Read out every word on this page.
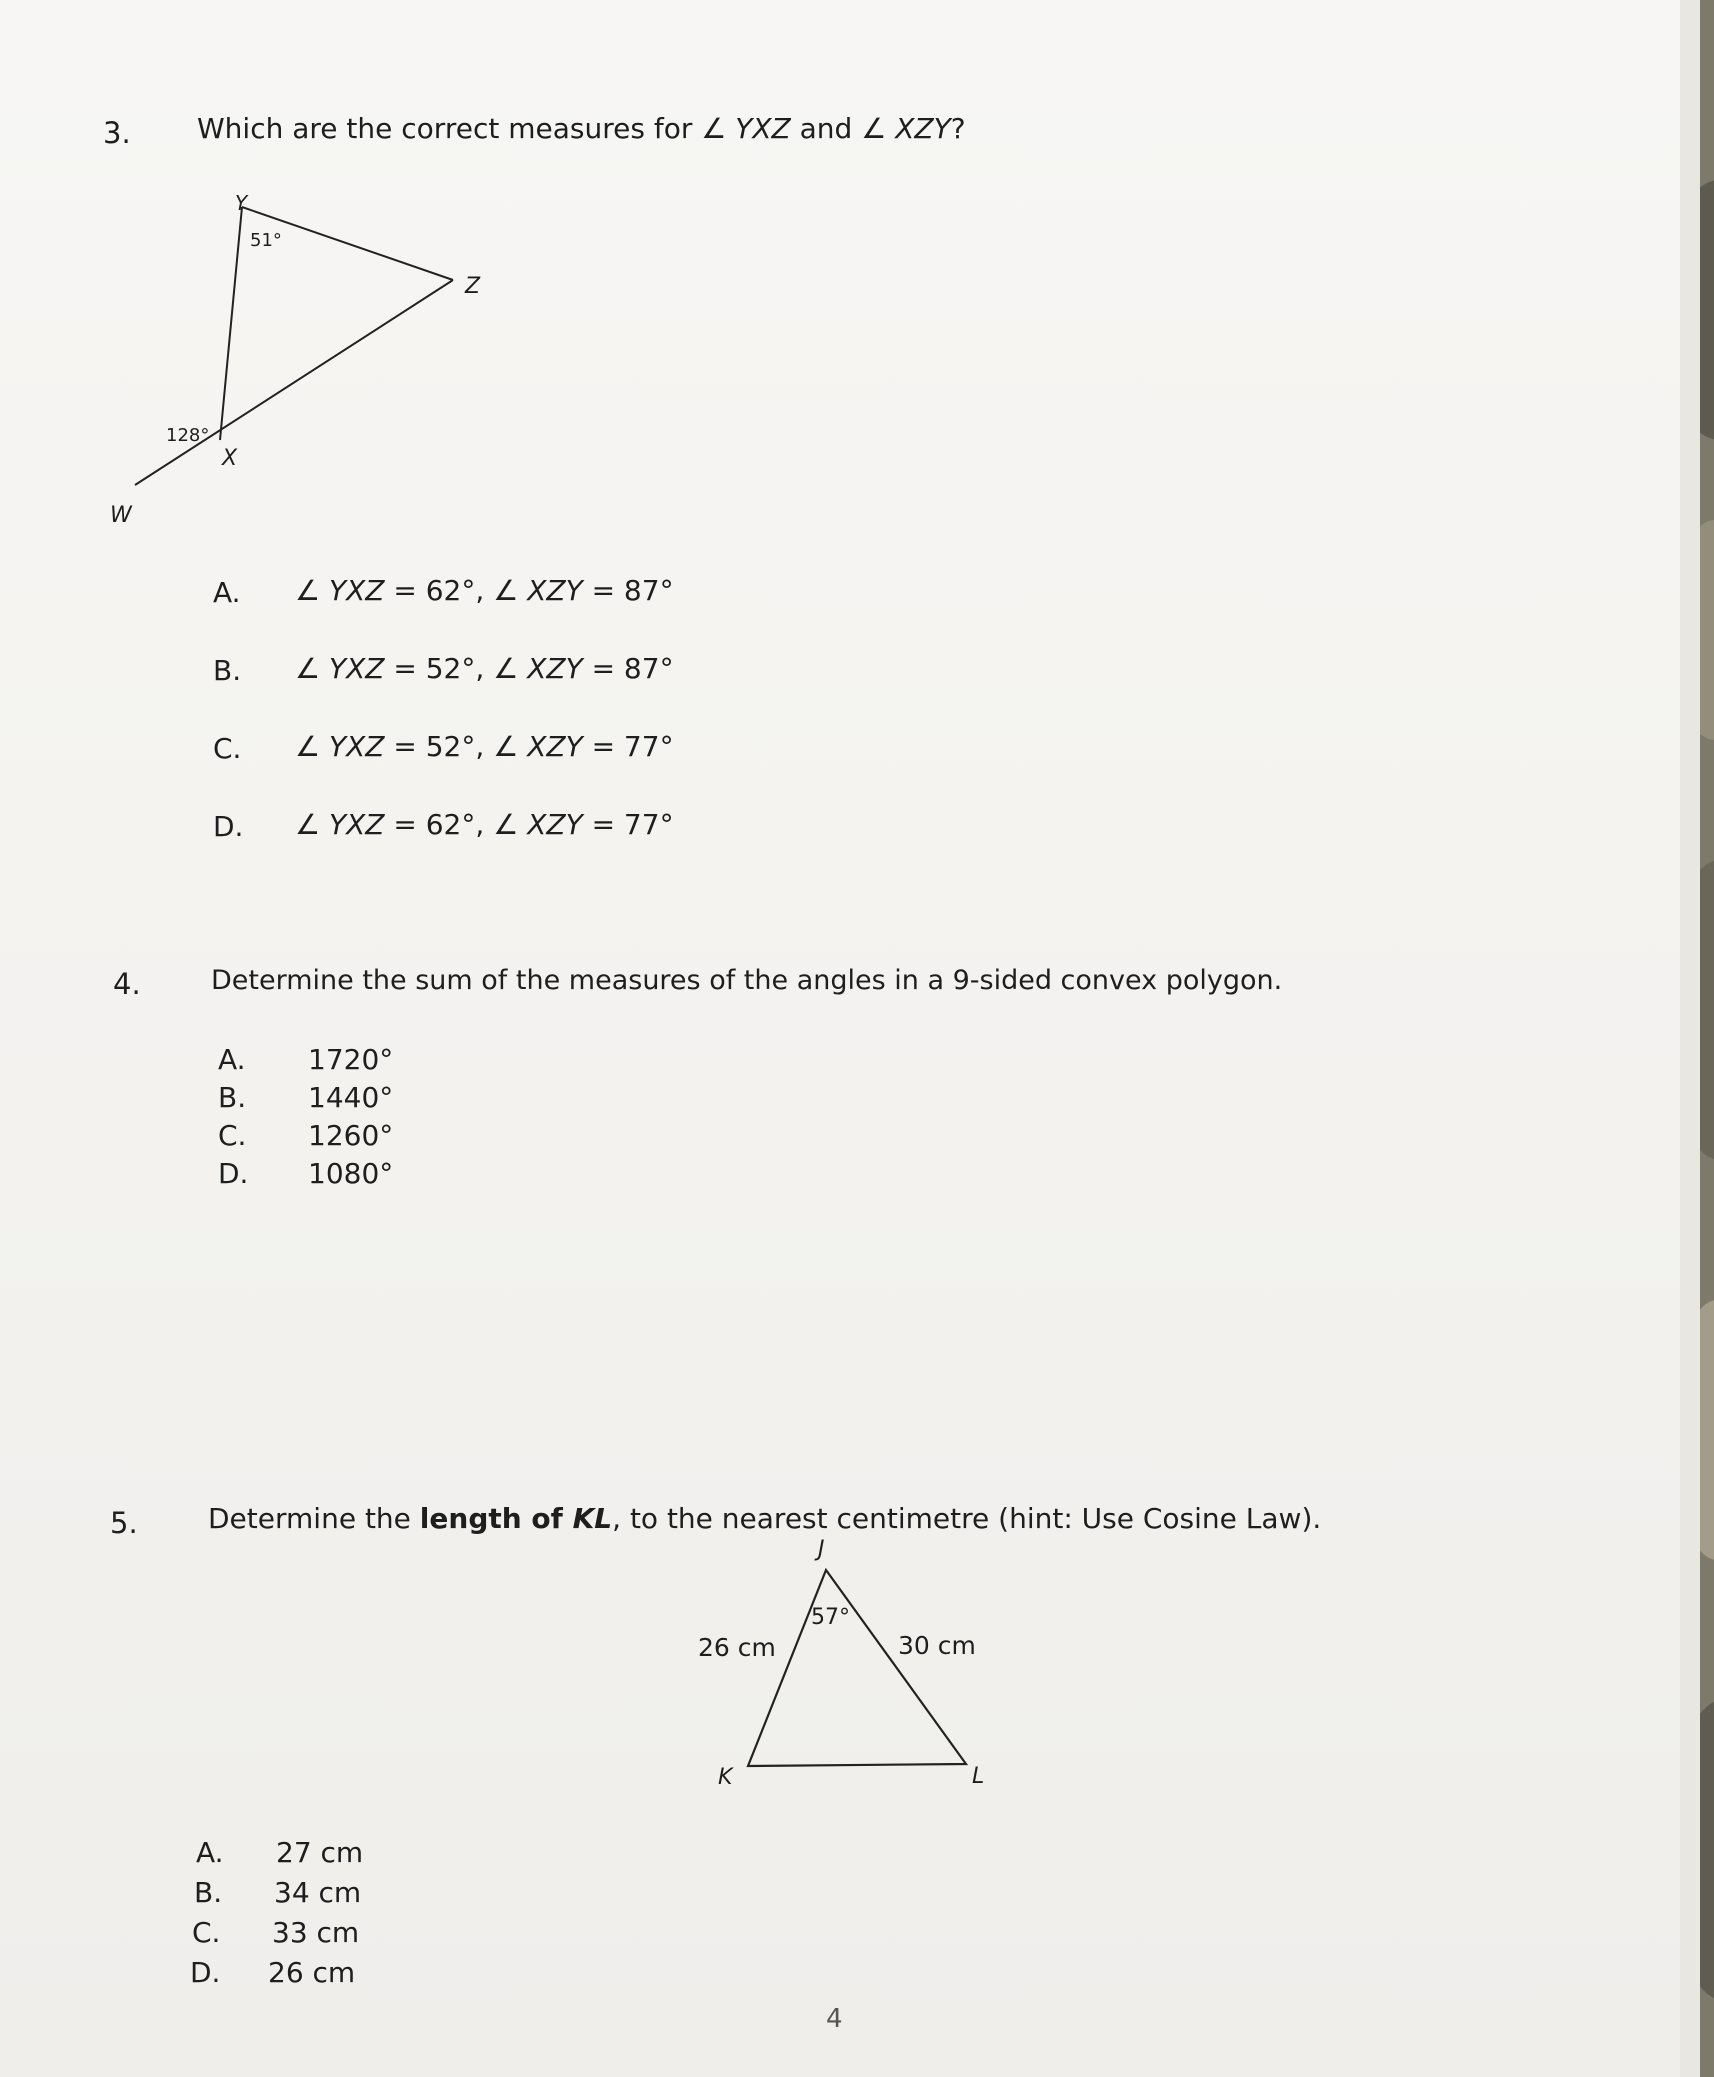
3. Which are the correct measures for ∠ YXZ and ∠ XZY?
Y
Z
X
W
51°
128°
A. ∠ YXZ = 62°, ∠ XZY = 87°
B. ∠ YXZ = 52°, ∠ XZY = 87°
C. ∠ YXZ = 52°, ∠ XZY = 77°
D. ∠ YXZ = 62°, ∠ XZY = 77°
4.	Determine the sum of the measures of the angles in a 9-sided convex polygon.
A. 1720°
B. 1440°
C. 1260°
D. 1080°
5.	Determine the length of KL, to the nearest centimetre (hint: Use Cosine Law).
J
K	L
26 cm	30 cm
57°
A. 27 cm
B. 34 cm
C. 33 cm
D. 26 cm
4
